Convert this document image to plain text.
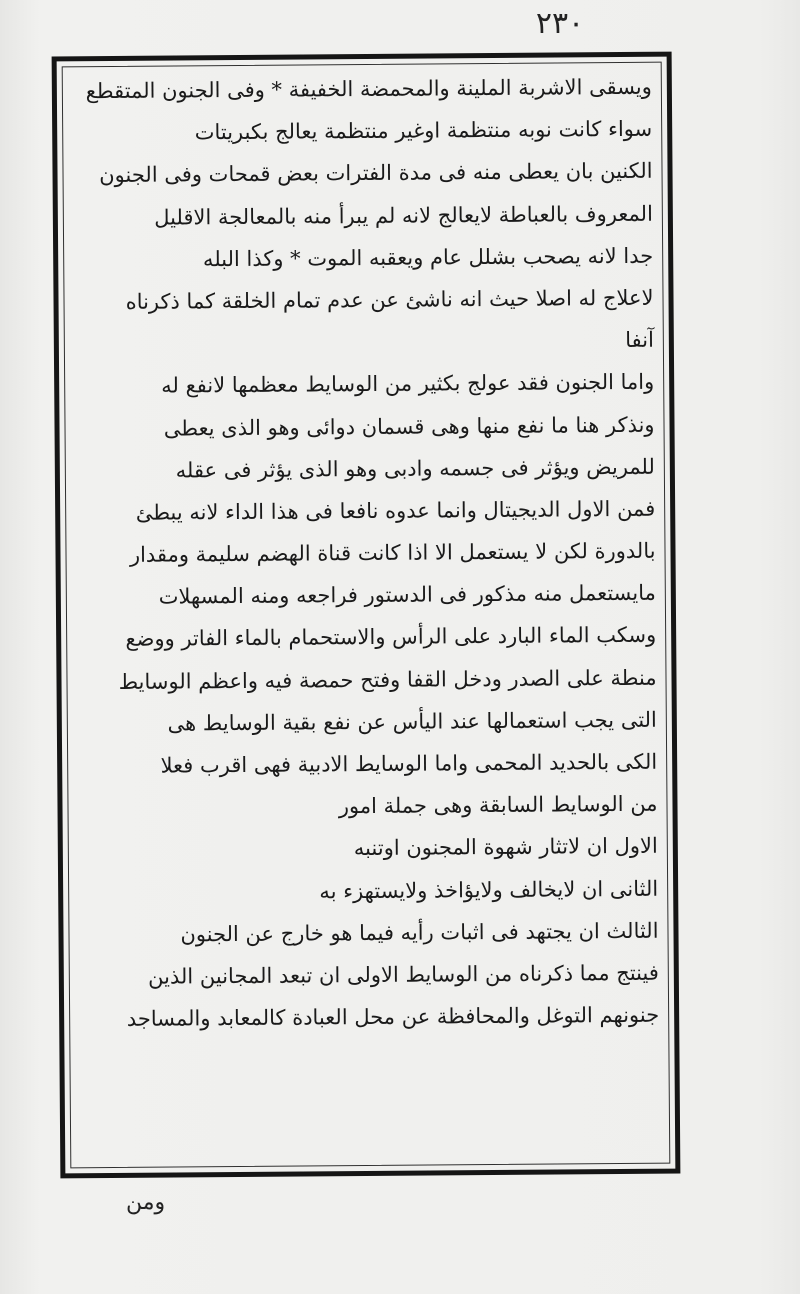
٢٣٠
ويسقى الاشربة الملينة والمحمضة الخفيفة * وفى الجنون المتقطع
سواء كانت نوبه منتظمة اوغير منتظمة يعالج بكبريتات
الكنين بان يعطى منه فى مدة الفترات بعض قمحات وفى الجنون
المعروف بالعباطة لايعالج لانه لم يبرأ منه بالمعالجة الاقليل
جدا لانه يصحب بشلل عام ويعقبه الموت * وكذا البله
لاعلاج له اصلا حيث انه ناشئ عن عدم تمام الخلقة كما ذكرناه
آنفا
واما الجنون فقد عولج بكثير من الوسايط معظمها لانفع له
ونذكر هنا ما نفع منها وهى قسمان دوائى وهو الذى يعطى
للمريض ويؤثر فى جسمه وادبى وهو الذى يؤثر فى عقله
فمن الاول الديجيتال وانما عدوه نافعا فى هذا الداء لانه يبطئ
بالدورة لكن لا يستعمل الا اذا كانت قناة الهضم سليمة ومقدار
مايستعمل منه مذكور فى الدستور فراجعه ومنه المسهلات
وسكب الماء البارد على الرأس والاستحمام بالماء الفاتر ووضع
منطة على الصدر ودخل القفا وفتح حمصة فيه واعظم الوسايط
التى يجب استعمالها عند اليأس عن نفع بقية الوسايط هى
الكى بالحديد المحمى واما الوسايط الادبية فهى اقرب فعلا
من الوسايط السابقة وهى جملة امور
الاول ان لاتثار شهوة المجنون اوتنبه
الثانى ان لايخالف ولايؤاخذ ولايستهزء به
الثالث ان يجتهد فى اثبات رأيه فيما هو خارج عن الجنون
فينتج مما ذكرناه من الوسايط الاولى ان تبعد المجانين الذين
جنونهم التوغل والمحافظة عن محل العبادة كالمعابد والمساجد
ومن
